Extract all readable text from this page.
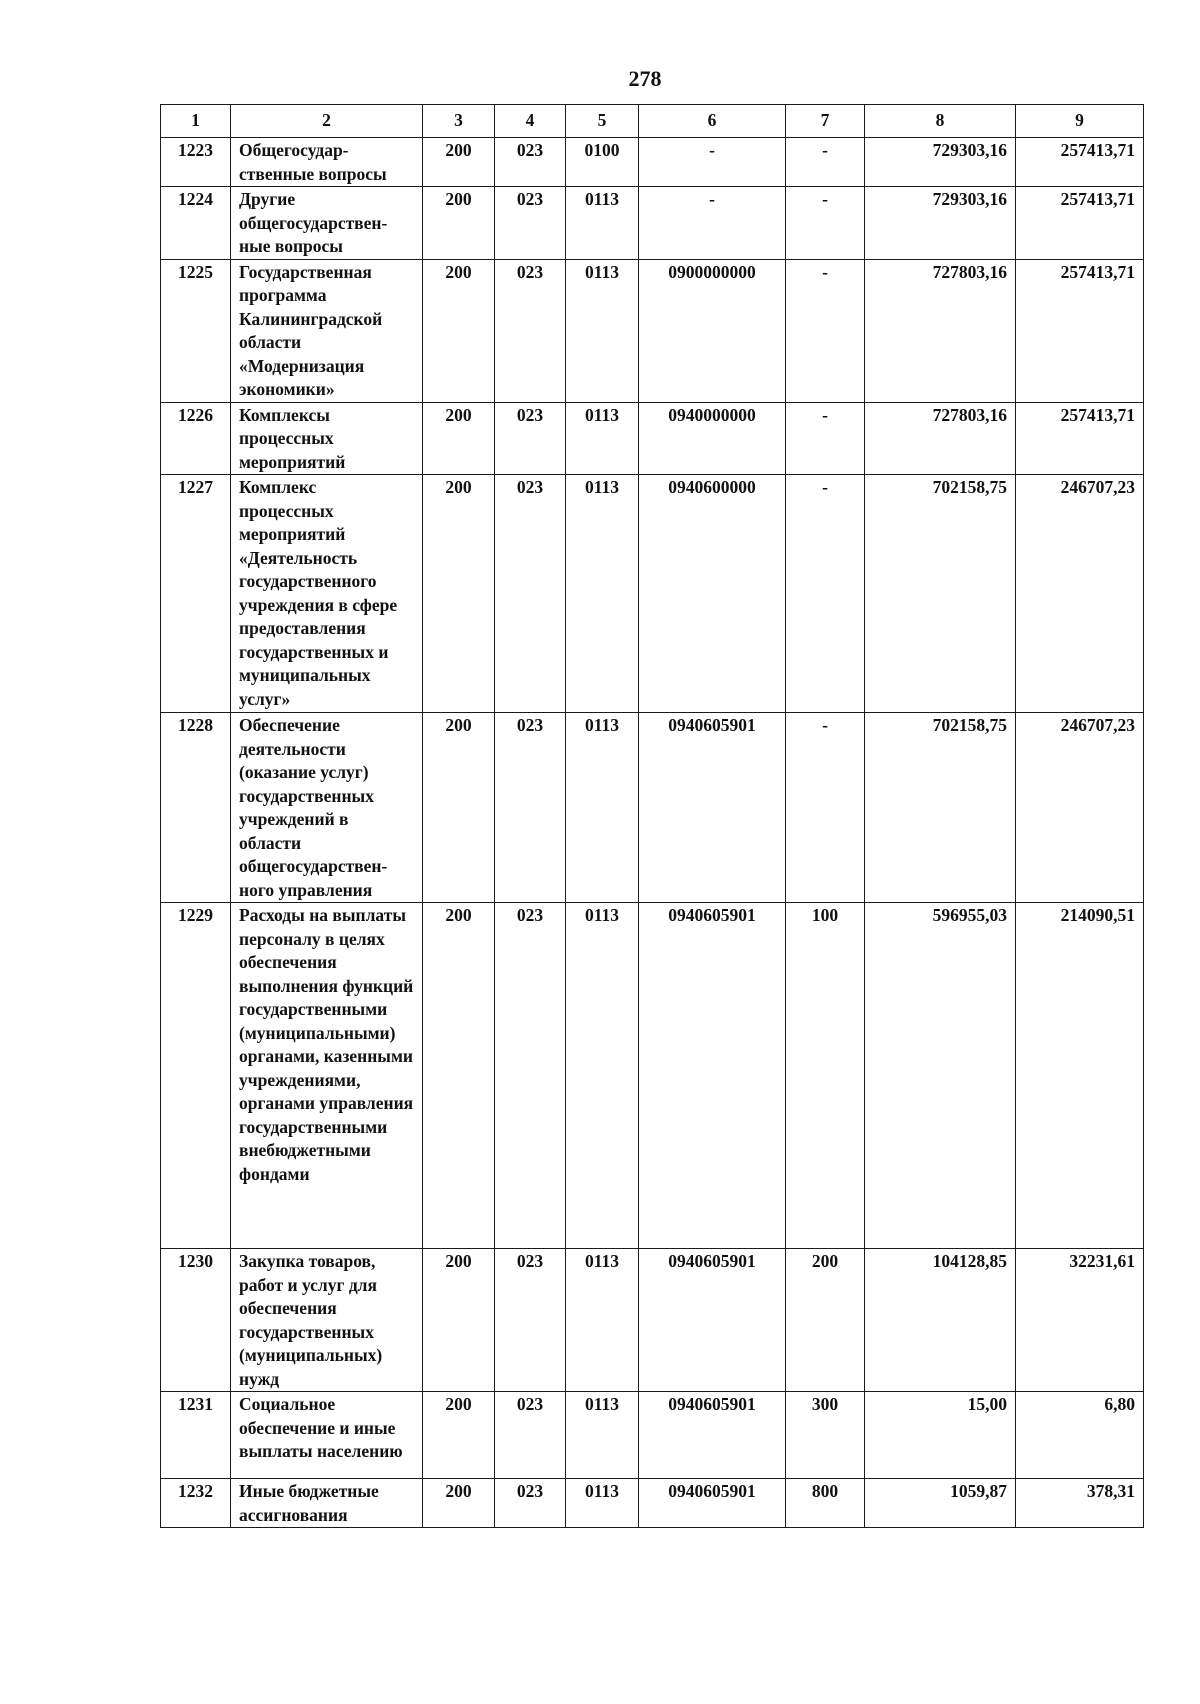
278
1	2	3	4	5	6	7	8	9
1223	Общегосудар-ственные вопросы	200	023	0100	-	-	729303,16	257413,71
1224	Другие общегосударствен-ные вопросы	200	023	0113	-	-	729303,16	257413,71
1225	Государственная программа Калининградской области «Модернизация экономики»	200	023	0113	0900000000	-	727803,16	257413,71
1226	Комплексы процессных мероприятий	200	023	0113	0940000000	-	727803,16	257413,71
1227	Комплекс процессных мероприятий «Деятельность государственного учреждения в сфере предоставления государственных и муниципальных услуг»	200	023	0113	0940600000	-	702158,75	246707,23
1228	Обеспечение деятельности (оказание услуг) государственных учреждений в области общегосударствен-ного управления	200	023	0113	0940605901	-	702158,75	246707,23
1229	Расходы на выплаты персоналу в целях обеспечения выполнения функций государственными (муниципальными) органами, казенными учреждениями, органами управления государственными внебюджетными фондами	200	023	0113	0940605901	100	596955,03	214090,51
1230	Закупка товаров, работ и услуг для обеспечения государственных (муниципальных) нужд	200	023	0113	0940605901	200	104128,85	32231,61
1231	Социальное обеспечение и иные выплаты населению	200	023	0113	0940605901	300	15,00	6,80
1232	Иные бюджетные ассигнования	200	023	0113	0940605901	800	1059,87	378,31
